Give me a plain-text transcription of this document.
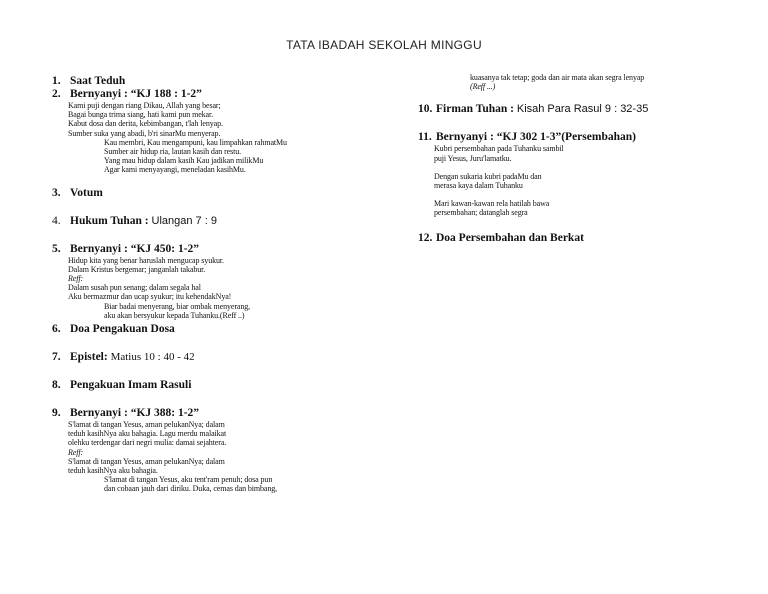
TATA IBADAH SEKOLAH MINGGU
1. Saat Teduh
2. Bernyanyi : “KJ 188 : 1-2”
Kami puji dengan riang Dikau, Allah yang besar;
Bagai bunga trima siang, hati kami pun mekar.
Kabut dosa dan derita, kebimbangan, t'lah lenyap.
Sumber suka yang abadi, b'ri sinarMu menyerap.
Kau membri, Kau mengampuni, kau limpahkan rahmatMu
Sumber air hidup ria, lautan kasih dan restu.
Yang mau hidup dalam kasih Kau jadikan milikMu
Agar kami menyayangi, meneladan kasihMu.
3. Votum
4. Hukum Tuhan : Ulangan 7 : 9
5. Bernyanyi : “KJ 450: 1-2”
Hidup kita yang benar haruslah mengucap syukur.
Dalam Kristus bergemar; janganlah takabur.
Reff:
Dalam susah pun senang; dalam segala hal
Aku bermazmur dan ucap syukur; itu kehendakNya!
Biar badai menyerang, biar ombak menyerang,
aku akan bersyukur kepada Tuhanku.(Reff ..)
6. Doa Pengakuan Dosa
7. Epistel: Matius 10 : 40 - 42
8. Pengakuan Imam Rasuli
9. Bernyanyi : “KJ 388: 1-2”
S'lamat di tangan Yesus, aman pelukanNya; dalam
teduh kasihNya aku bahagia. Lagu merdu malaikat
olehku terdengar dari negri mulia: damai sejahtera.
Reff:
S'lamat di tangan Yesus, aman pelukanNya; dalam
teduh kasihNya aku bahagia.
S'lamat di tangan Yesus, aku tent'ram penuh; dosa pun
dan cobaan jauh dari diriku. Duka, cemas dan bimbang,
kuasanya tak tetap; goda dan air mata akan segra lenyap
(Reff ...)
10. Firman Tuhan : Kisah Para Rasul 9 : 32-35
11. Bernyanyi : “KJ 302 1-3”(Persembahan)
Kubri persembahan pada Tuhanku sambil
puji Yesus, Juru'lamatku.
Dengan sukaria kubri padaMu dan
merasa kaya dalam Tuhanku
Mari kawan-kawan rela hatilah bawa
persembahan; datanglah segra
12. Doa Persembahan dan Berkat
